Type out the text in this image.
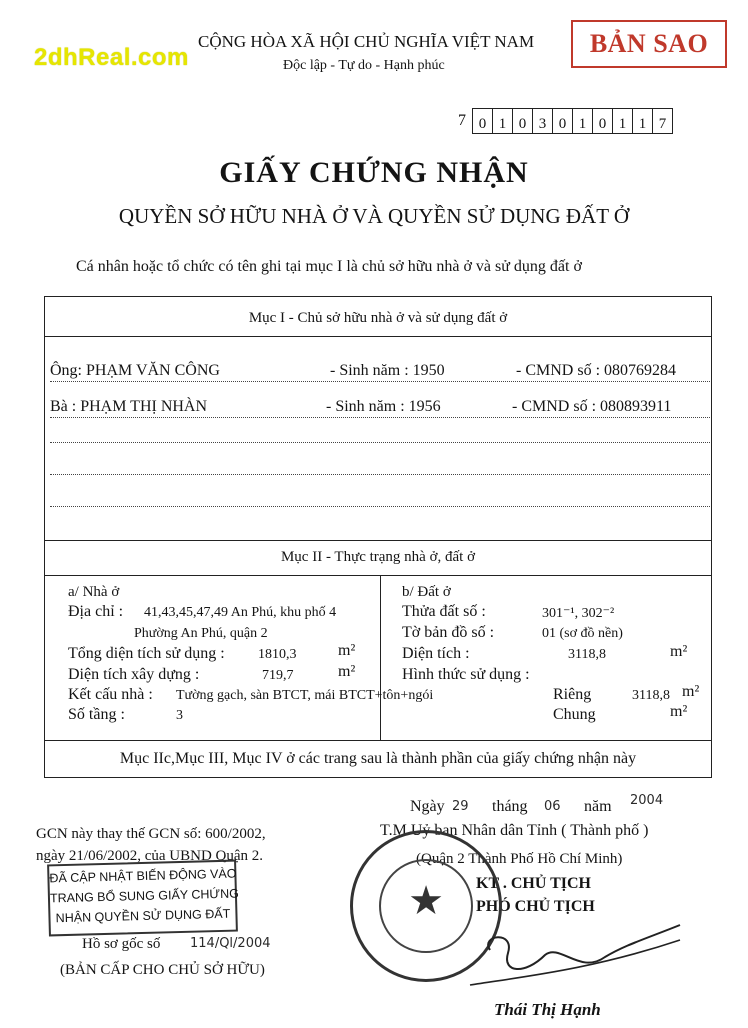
2dhReal.com	BẢN SAO
CỘNG HÒA XÃ HỘI CHỦ NGHĨA VIỆT NAM
Độc lập - Tự do - Hạnh phúc
7 0 1 0 3 0 1 0 1 1 7
GIẤY CHỨNG NHẬN
QUYỀN SỞ HỮU NHÀ Ở VÀ QUYỀN SỬ DỤNG ĐẤT Ở
Cá nhân hoặc tổ chức có tên ghi tại mục I là chủ sở hữu nhà ở và sử dụng đất ở
Mục I - Chủ sở hữu nhà ở và sử dụng đất ở
Ông: PHẠM VĂN CÔNG	- Sinh năm : 1950	- CMND số : 080769284
Bà : PHẠM THỊ NHÀN	- Sinh năm : 1956	- CMND số : 080893911
Mục II - Thực trạng nhà ở, đất ở
a/ Nhà ở
Địa chỉ : 41,43,45,47,49 An Phú, khu phố 4
Phường An Phú, quận 2
Tổng diện tích sử dụng : 1810,3	m²
Diện tích xây dựng :	719,7	m²
Kết cấu nhà : Tường gạch, sàn BTCT, mái BTCT+tôn+ngói
Số tầng :	3
b/ Đất ở
Thửa đất số :	301⁻¹, 302⁻²
Tờ bản đồ số :	01 (sơ đồ nền)
Diện tích :	3118,8	m²
Hình thức sử dụng :
Riêng	3118,8 m²
Chung	m²
Mục IIc,Mục III, Mục IV ở các trang sau là thành phần của giấy chứng nhận này
Ngày 29 tháng 06 năm 2004
T.M Uỷ ban Nhân dân Tỉnh ( Thành phố )
(Quận 2 Thành Phố Hồ Chí Minh)
KT . CHỦ TỊCH
PHÓ CHỦ TỊCH
★
Thái Thị Hạnh
GCN này thay thế GCN số: 600/2002,
ngày 21/06/2002, của UBND Quận 2.
ĐÃ CẬP NHẬT BIẾN ĐỘNG VÀO
TRANG BỔ SUNG GIẤY CHỨNG
NHẬN QUYỀN SỬ DỤNG ĐẤT
Hồ sơ gốc số 114/Ql/2004
(BẢN CẤP CHO CHỦ SỞ HỮU)
